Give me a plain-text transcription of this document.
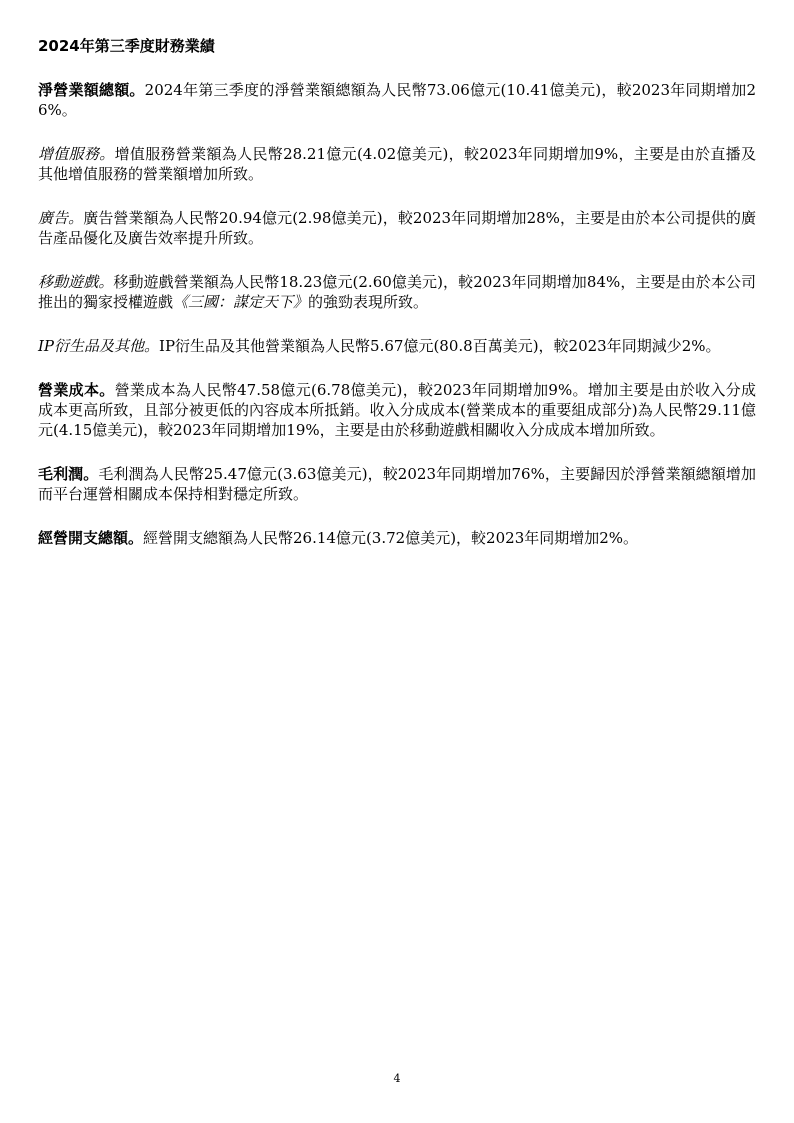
2024年第三季度財務業績

淨營業額總額。2024年第三季度的淨營業額總額為人民幣73.06億元(10.41億美元)，較2023年同期增加26%。

增值服務。增值服務營業額為人民幣28.21億元(4.02億美元)，較2023年同期增加9%，主要是由於直播及其他增值服務的營業額增加所致。

廣告。廣告營業額為人民幣20.94億元(2.98億美元)，較2023年同期增加28%，主要是由於本公司提供的廣告產品優化及廣告效率提升所致。

移動遊戲。移動遊戲營業額為人民幣18.23億元(2.60億美元)，較2023年同期增加84%，主要是由於本公司推出的獨家授權遊戲《三國：謀定天下》的強勁表現所致。

IP衍生品及其他。IP衍生品及其他營業額為人民幣5.67億元(80.8百萬美元)，較2023年同期減少2%。

營業成本。營業成本為人民幣47.58億元(6.78億美元)，較2023年同期增加9%。增加主要是由於收入分成成本更高所致，且部分被更低的內容成本所抵銷。收入分成成本(營業成本的重要組成部分)為人民幣29.11億元(4.15億美元)，較2023年同期增加19%，主要是由於移動遊戲相關收入分成成本增加所致。

毛利潤。毛利潤為人民幣25.47億元(3.63億美元)，較2023年同期增加76%，主要歸因於淨營業額總額增加而平台運營相關成本保持相對穩定所致。

經營開支總額。經營開支總額為人民幣26.14億元(3.72億美元)，較2023年同期增加2%。

4
